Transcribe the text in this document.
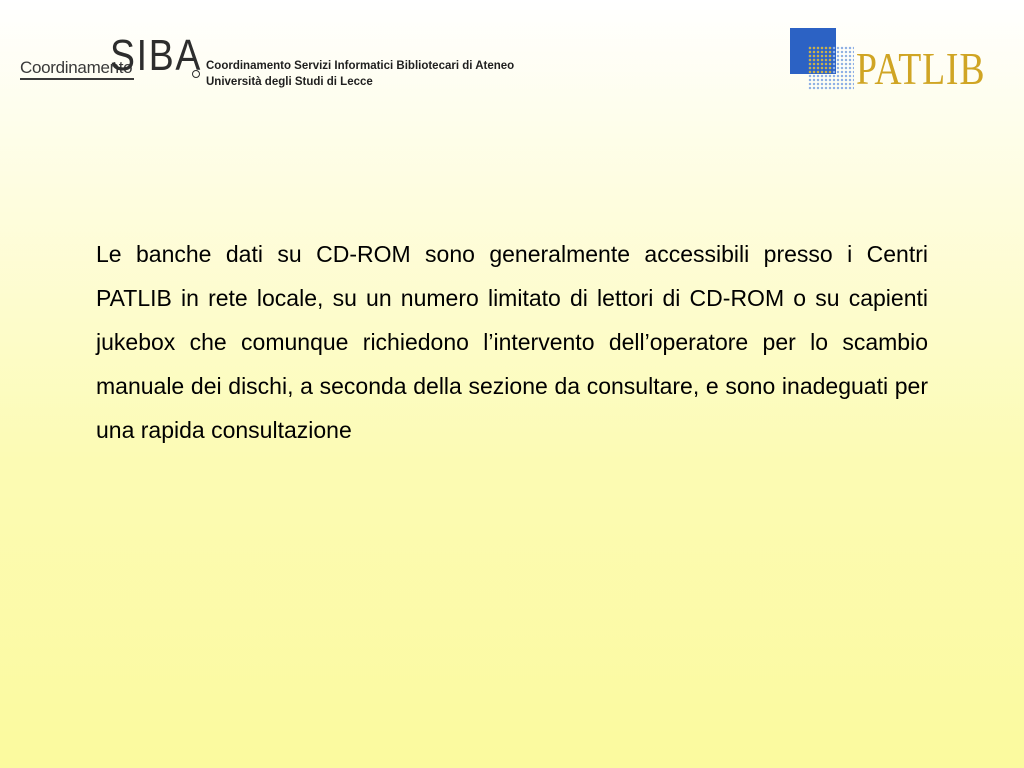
Coordinamento
SIBA Coordinamento Servizi Informatici Bibliotecari di Ateneo
Università degli Studi di Lecce	PATLIB

Le banche dati su CD-ROM sono generalmente accessibili presso i Centri PATLIB in rete locale, su un numero limitato di lettori di CD-ROM o su capienti jukebox che comunque richiedono l’intervento dell’operatore per lo scambio manuale dei dischi, a seconda della sezione da consultare, e sono inadeguati per una rapida consultazione
